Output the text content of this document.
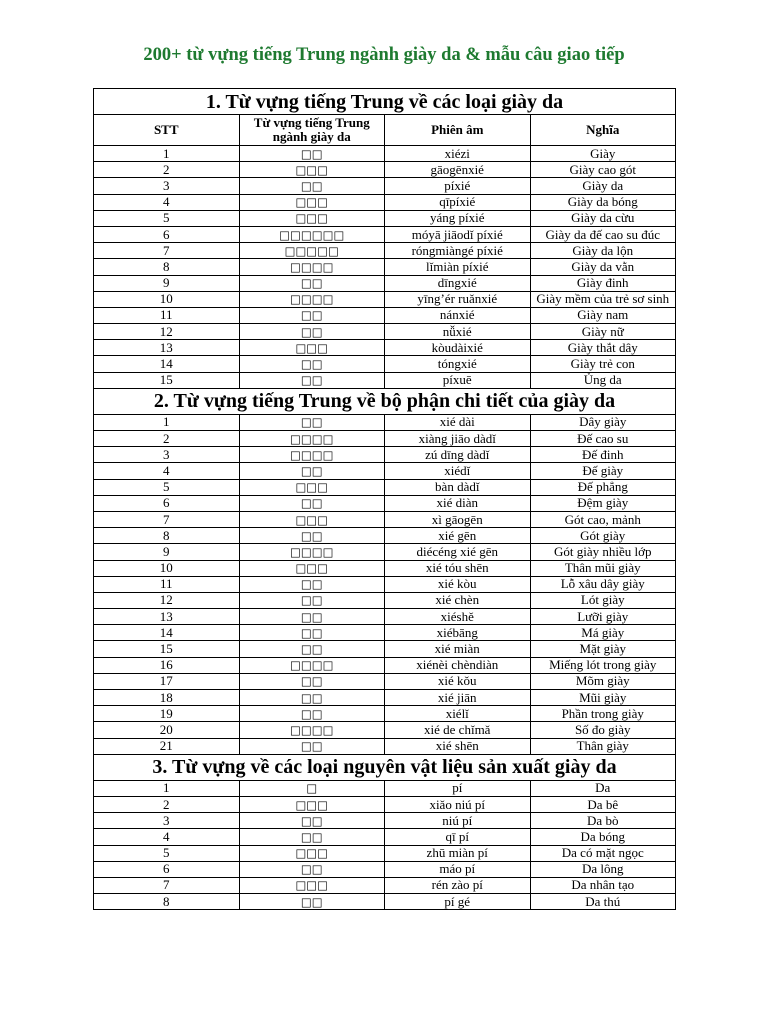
200+ từ vựng tiếng Trung ngành giày da & mẫu câu giao tiếp
1. Từ vựng tiếng Trung về các loại giày da			
STT	Từ vựng tiếng Trung ngành giày da	Phiên âm	Nghĩa
1	□□	xiézi	Giày
2	□□□	gāogēnxié	Giày cao gót
3	□□	píxié	Giày da
4	□□□	qīpíxié	Giày da bóng
5	□□□	yáng píxié	Giày da cừu
6	□□□□□□	móyā jiāodǐ píxié	Giày da đế cao su đúc
7	□□□□□	róngmiàngé píxié	Giày da lộn
8	□□□□	lǐmiàn píxié	Giày da vằn
9	□□	dīngxié	Giày đinh
10	□□□□	yīng’ér ruǎnxié	Giày mềm của trẻ sơ sinh
11	□□	nánxié	Giày nam
12	□□	nǚxié	Giày nữ
13	□□□	kòudàixié	Giày thắt dây
14	□□	tóngxié	Giày trẻ con
15	□□	píxuē	Ủng da
2. Từ vựng tiếng Trung về bộ phận chi tiết của giày da			
1	□□	xié dài	Dây giày
2	□□□□	xiàng jiāo dàdǐ	Đế cao su
3	□□□□	zú dīng dàdǐ	Đế đinh
4	□□	xiédǐ	Đế giày
5	□□□	bàn dàdǐ	Đế phẳng
6	□□	xié diàn	Đệm giày
7	□□□	xì gāogēn	Gót cao, mảnh
8	□□	xié gēn	Gót giày
9	□□□□	diécéng xié gēn	Gót giày nhiều lớp
10	□□□	xié tóu shēn	Thân mũi giày
11	□□	xié kòu	Lỗ xâu dây giày
12	□□	xié chèn	Lót giày
13	□□	xiéshě	Lưỡi giày
14	□□	xiébāng	Má giày
15	□□	xié miàn	Mặt giày
16	□□□□	xiénèi chèndiàn	Miếng lót trong giày
17	□□	xié kǒu	Mõm giày
18	□□	xié jiān	Mũi giày
19	□□	xiélǐ	Phần trong giày
20	□□□□	xié de chǐmǎ	Số đo giày
21	□□	xié shēn	Thân giày
3. Từ vựng về các loại nguyên vật liệu sản xuất giày da			
1	□	pí	Da
2	□□□	xiǎo niú pí	Da bê
3	□□	niú pí	Da bò
4	□□	qī pí	Da bóng
5	□□□	zhū miàn pí	Da có mặt ngọc
6	□□	máo pí	Da lông
7	□□□	rén zào pí	Da nhân tạo
8	□□	pí gé	Da thú
